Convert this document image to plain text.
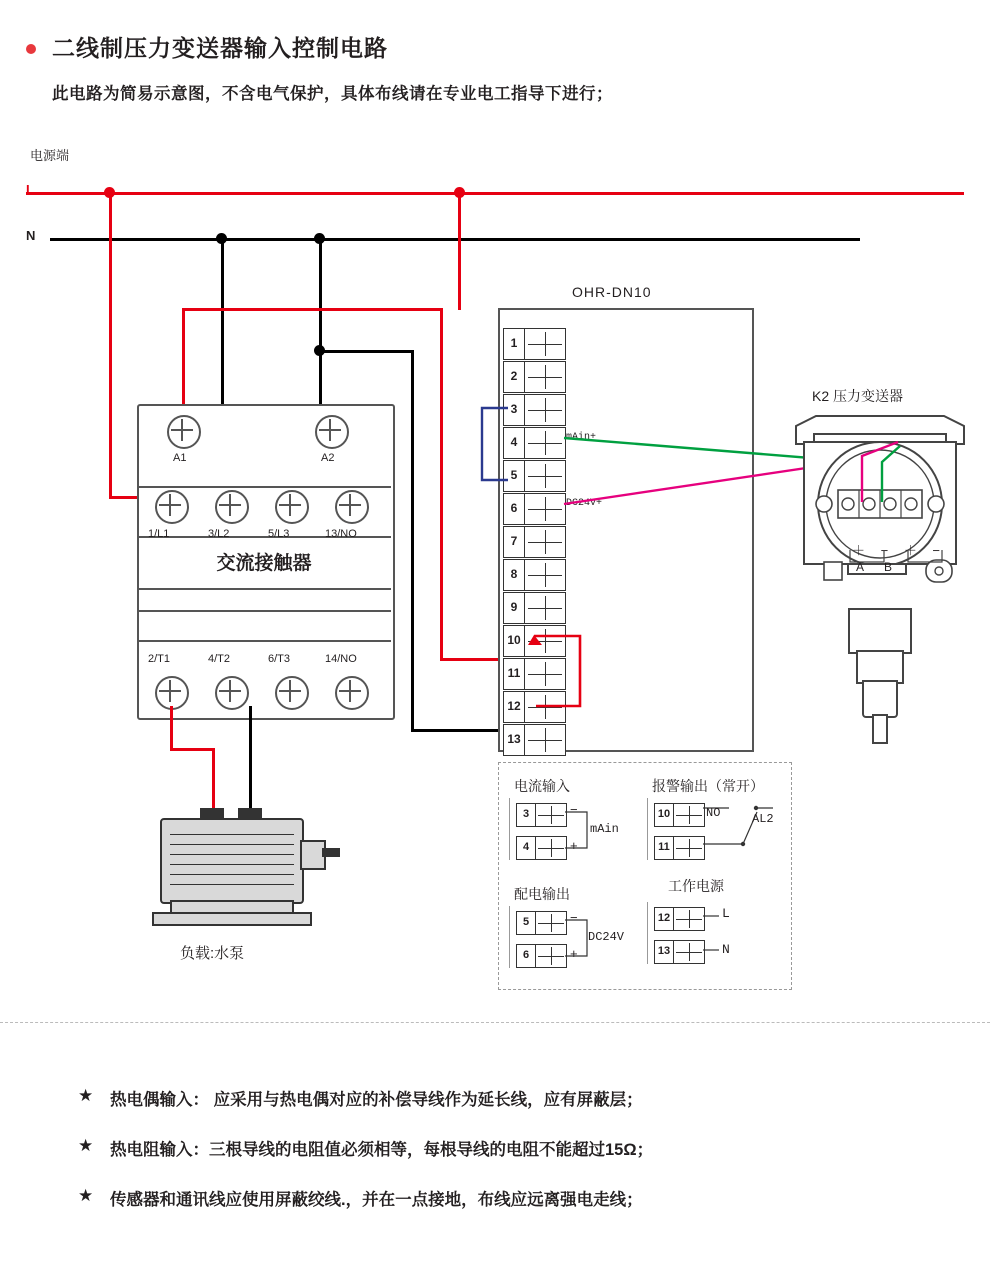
二线制压力变送器输入控制电路
此电路为简易示意图，不含电气保护，具体布线请在专业电工指导下进行；
电源端
L
N
A1	A2
1/L1	3/L2	5/L3	13/NO
交流接触器
2/T1	4/T2	6/T3	14/NO
负载:水泵
OHR-DN10
1
2
3
4
5
6
7
8
9
10
11
12
13
mAin+
DC24V+
电流输入
3	−
4	+
mAin
配电输出
5	−
6	+
DC24V
报警输出（常开）
10
11
NO	AL2
工作电源
12	L
13	N
K2 压力变送器
＋ − ＋ −
A B
★ 热电偶输入： 应采用与热电偶对应的补偿导线作为延长线，应有屏蔽层；
★ 热电阻输入：三根导线的电阻值必须相等，每根导线的电阻不能超过15Ω；
★ 传感器和通讯线应使用屏蔽绞线.，并在一点接地，布线应远离强电走线；
